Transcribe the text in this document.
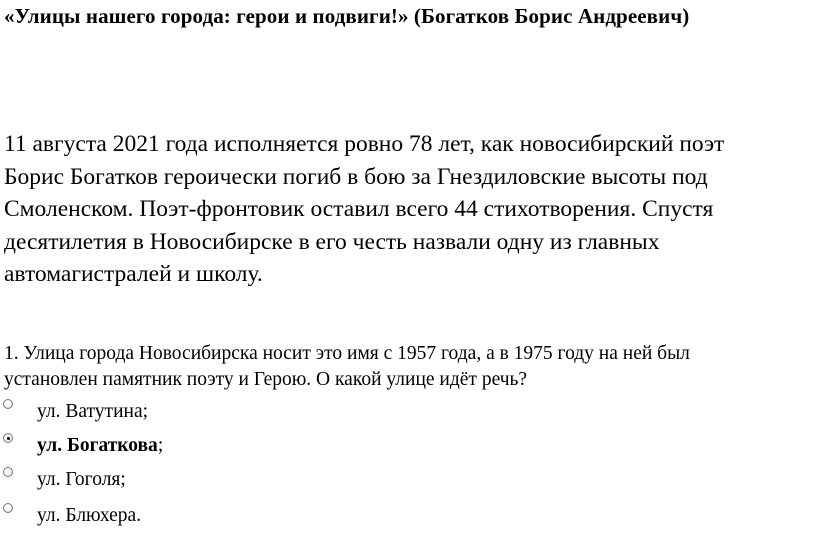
«Улицы нашего города: герои и подвиги!» (Богатков Борис Андреевич)
11 августа 2021 года исполняется ровно 78 лет, как новосибирский поэт
Борис Богатков героически погиб в бою за Гнездиловские высоты под
Смоленском. Поэт-фронтовик оставил всего 44 стихотворения. Спустя
десятилетия в Новосибирске в его честь назвали одну из главных
автомагистралей и школу.
1. Улица города Новосибирска носит это имя с 1957 года, а в 1975 году на ней был
установлен памятник поэту и Герою. О какой улице идёт речь?
ул. Ватутина;
ул. Богаткова;
ул. Гоголя;
ул. Блюхера.
